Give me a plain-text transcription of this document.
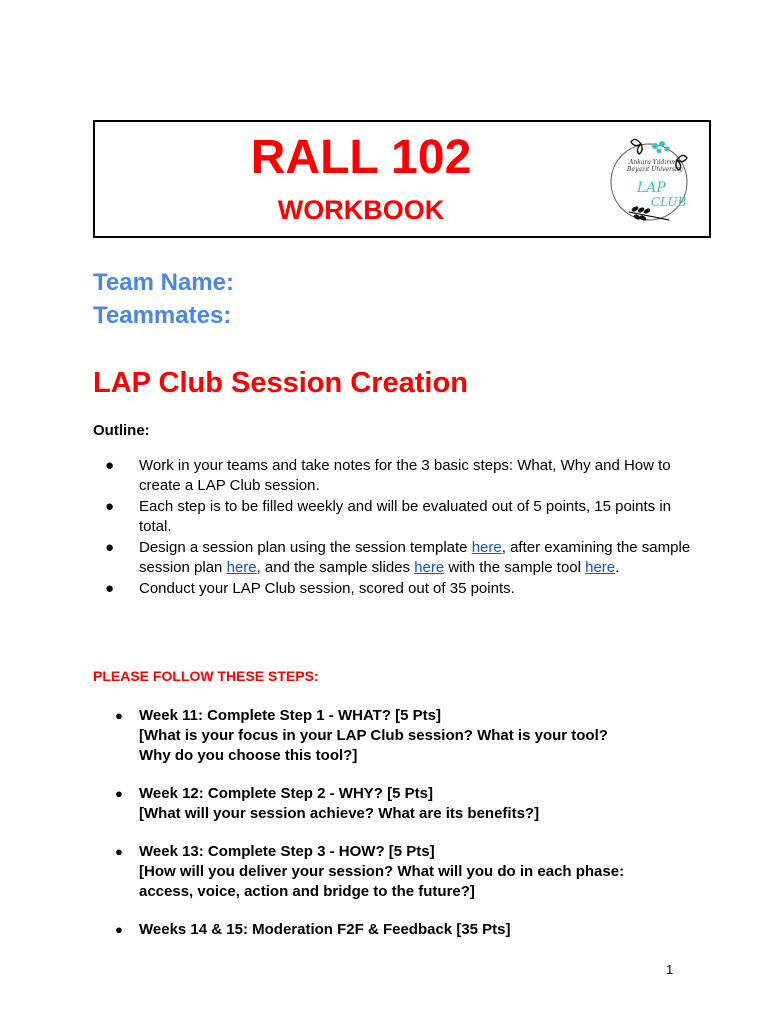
RALL 102
WORKBOOK
Ankara Yıldırım
Beyazıt University
LAP
CLUB
Team Name:
Teammates:
LAP Club Session Creation
Outline:
● Work in your teams and take notes for the 3 basic steps: What, Why and How to create a LAP Club session.
● Each step is to be filled weekly and will be evaluated out of 5 points, 15 points in total.
● Design a session plan using the session template here, after examining the sample session plan here, and the sample slides here with the sample tool here.
● Conduct your LAP Club session, scored out of 35 points.
PLEASE FOLLOW THESE STEPS:
● Week 11: Complete Step 1 - WHAT? [5 Pts]
[What is your focus in your LAP Club session? What is your tool?
Why do you choose this tool?]
● Week 12: Complete Step 2 - WHY? [5 Pts]
[What will your session achieve? What are its benefits?]
● Week 13: Complete Step 3 - HOW? [5 Pts]
[How will you deliver your session? What will you do in each phase:
access, voice, action and bridge to the future?]
● Weeks 14 & 15: Moderation F2F & Feedback [35 Pts]
1
